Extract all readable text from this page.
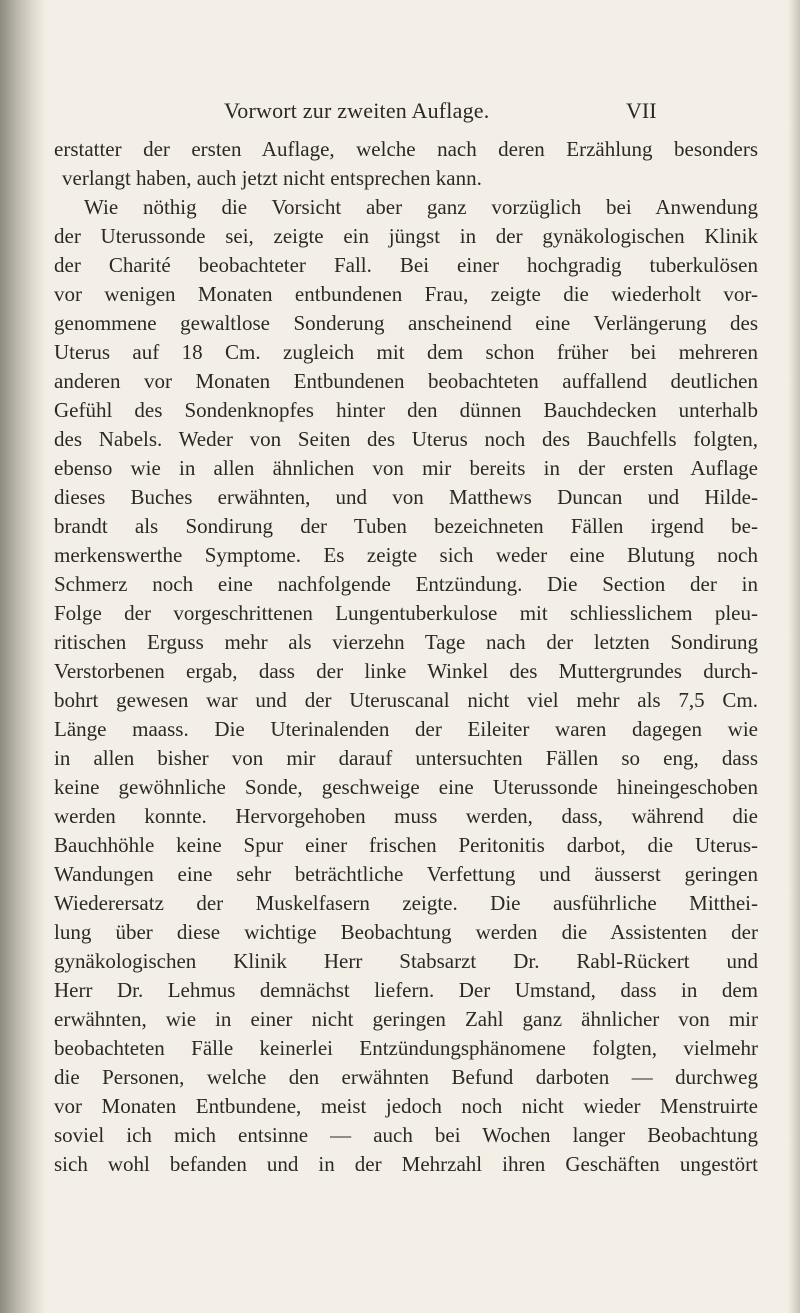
Vorwort zur zweiten Auflage.	VII
erstatter der ersten Auflage, welche nach deren Erzählung besonders
verlangt haben, auch jetzt nicht entsprechen kann.
Wie nöthig die Vorsicht aber ganz vorzüglich bei Anwendung
der Uterussonde sei, zeigte ein jüngst in der gynäkologischen Klinik
der Charité beobachteter Fall. Bei einer hochgradig tuberkulösen
vor wenigen Monaten entbundenen Frau, zeigte die wiederholt vor-
genommene gewaltlose Sonderung anscheinend eine Verlängerung des
Uterus auf 18 Cm. zugleich mit dem schon früher bei mehreren
anderen vor Monaten Entbundenen beobachteten auffallend deutlichen
Gefühl des Sondenknopfes hinter den dünnen Bauchdecken unterhalb
des Nabels. Weder von Seiten des Uterus noch des Bauchfells folgten,
ebenso wie in allen ähnlichen von mir bereits in der ersten Auflage
dieses Buches erwähnten, und von Matthews Duncan und Hilde-
brandt als Sondirung der Tuben bezeichneten Fällen irgend be-
merkenswerthe Symptome. Es zeigte sich weder eine Blutung noch
Schmerz noch eine nachfolgende Entzündung. Die Section der in
Folge der vorgeschrittenen Lungentuberkulose mit schliesslichem pleu-
ritischen Erguss mehr als vierzehn Tage nach der letzten Sondirung
Verstorbenen ergab, dass der linke Winkel des Muttergrundes durch-
bohrt gewesen war und der Uteruscanal nicht viel mehr als 7,5 Cm.
Länge maass. Die Uterinalenden der Eileiter waren dagegen wie
in allen bisher von mir darauf untersuchten Fällen so eng, dass
keine gewöhnliche Sonde, geschweige eine Uterussonde hineingeschoben
werden konnte. Hervorgehoben muss werden, dass, während die
Bauchhöhle keine Spur einer frischen Peritonitis darbot, die Uterus-
Wandungen eine sehr beträchtliche Verfettung und äusserst geringen
Wiederersatz der Muskelfasern zeigte. Die ausführliche Mitthei-
lung über diese wichtige Beobachtung werden die Assistenten der
gynäkologischen Klinik Herr Stabsarzt Dr. Rabl-Rückert und
Herr Dr. Lehmus demnächst liefern. Der Umstand, dass in dem
erwähnten, wie in einer nicht geringen Zahl ganz ähnlicher von mir
beobachteten Fälle keinerlei Entzündungsphänomene folgten, vielmehr
die Personen, welche den erwähnten Befund darboten — durchweg
vor Monaten Entbundene, meist jedoch noch nicht wieder Menstruirte
soviel ich mich entsinne — auch bei Wochen langer Beobachtung
sich wohl befanden und in der Mehrzahl ihren Geschäften ungestört
